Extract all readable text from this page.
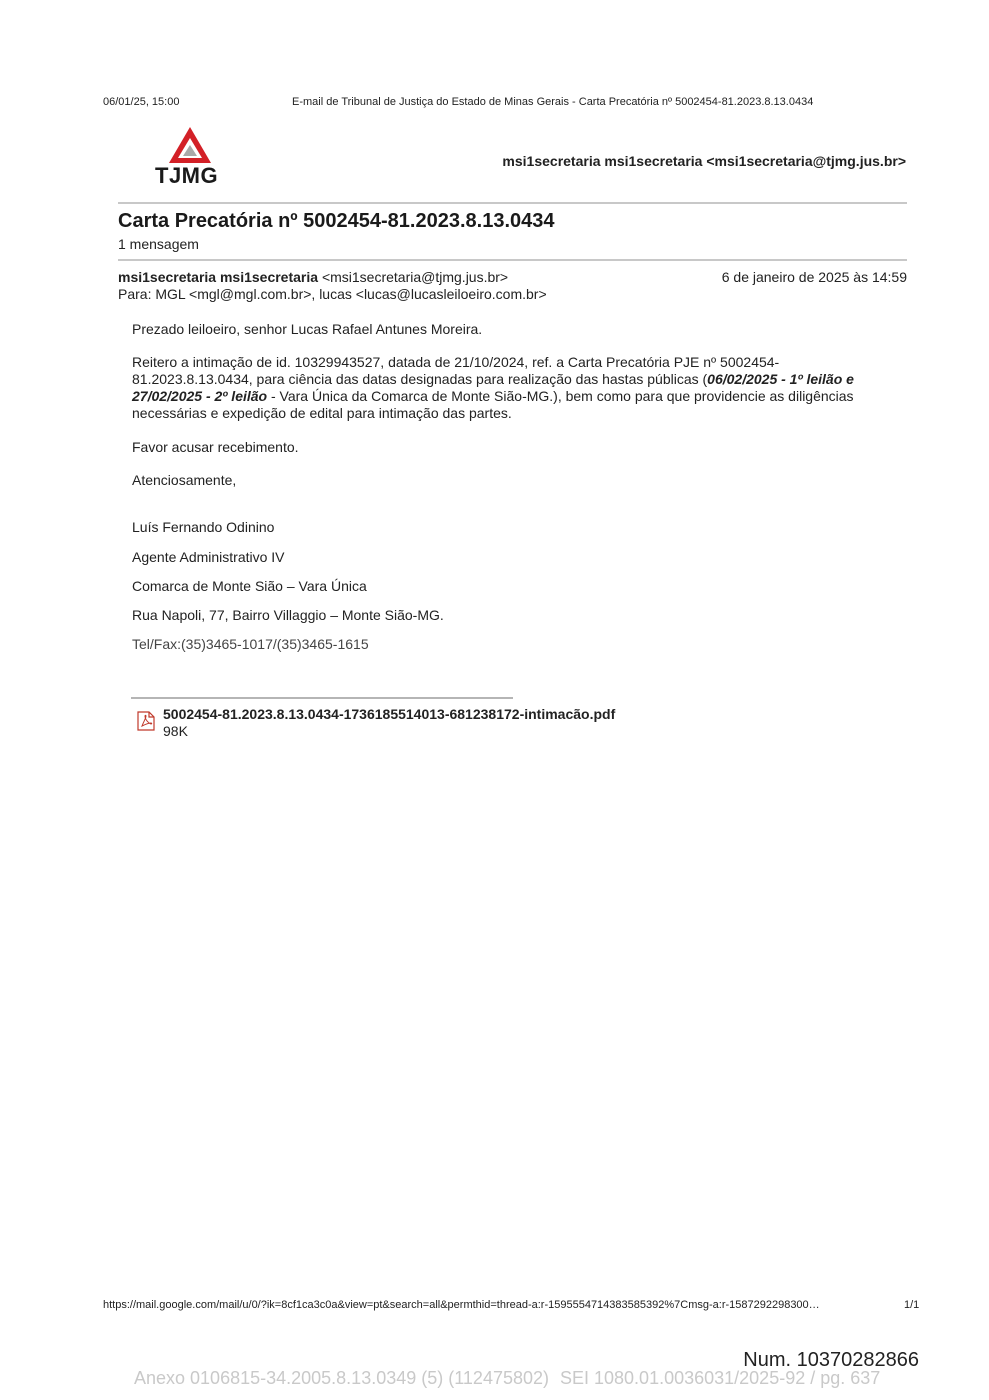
06/01/25, 15:00	E-mail de Tribunal de Justiça do Estado de Minas Gerais - Carta Precatória nº 5002454-81.2023.8.13.0434
TJMG
msi1secretaria msi1secretaria <msi1secretaria@tjmg.jus.br>
Carta Precatória nº 5002454-81.2023.8.13.0434
1 mensagem
msi1secretaria msi1secretaria <msi1secretaria@tjmg.jus.br>	6 de janeiro de 2025 às 14:59
Para: MGL <mgl@mgl.com.br>, lucas <lucas@lucasleiloeiro.com.br>
Prezado leiloeiro, senhor Lucas Rafael Antunes Moreira.
Reitero a intimação de id. 10329943527, datada de 21/10/2024, ref. a Carta Precatória PJE nº 5002454-81.2023.8.13.0434, para ciência das datas designadas para realização das hastas públicas (06/02/2025 - 1º leilão e 27/02/2025 - 2º leilão - Vara Única da Comarca de Monte Sião-MG.), bem como para que providencie as diligências necessárias e expedição de edital para intimação das partes.
Favor acusar recebimento.
Atenciosamente,
Luís Fernando Odinino
Agente Administrativo IV
Comarca de Monte Sião – Vara Única
Rua Napoli, 77, Bairro Villaggio – Monte Sião-MG.
Tel/Fax:(35)3465-1017/(35)3465-1615
5002454-81.2023.8.13.0434-1736185514013-681238172-intimacão.pdf
98K
https://mail.google.com/mail/u/0/?ik=8cf1ca3c0a&view=pt&search=all&permthid=thread-a:r-1595554714383585392%7Cmsg-a:r-1587292298300…	1/1
Num. 10370282866
Anexo 0106815-34.2005.8.13.0349 (5) (112475802) SEI 1080.01.0036031/2025-92 / pg. 637
